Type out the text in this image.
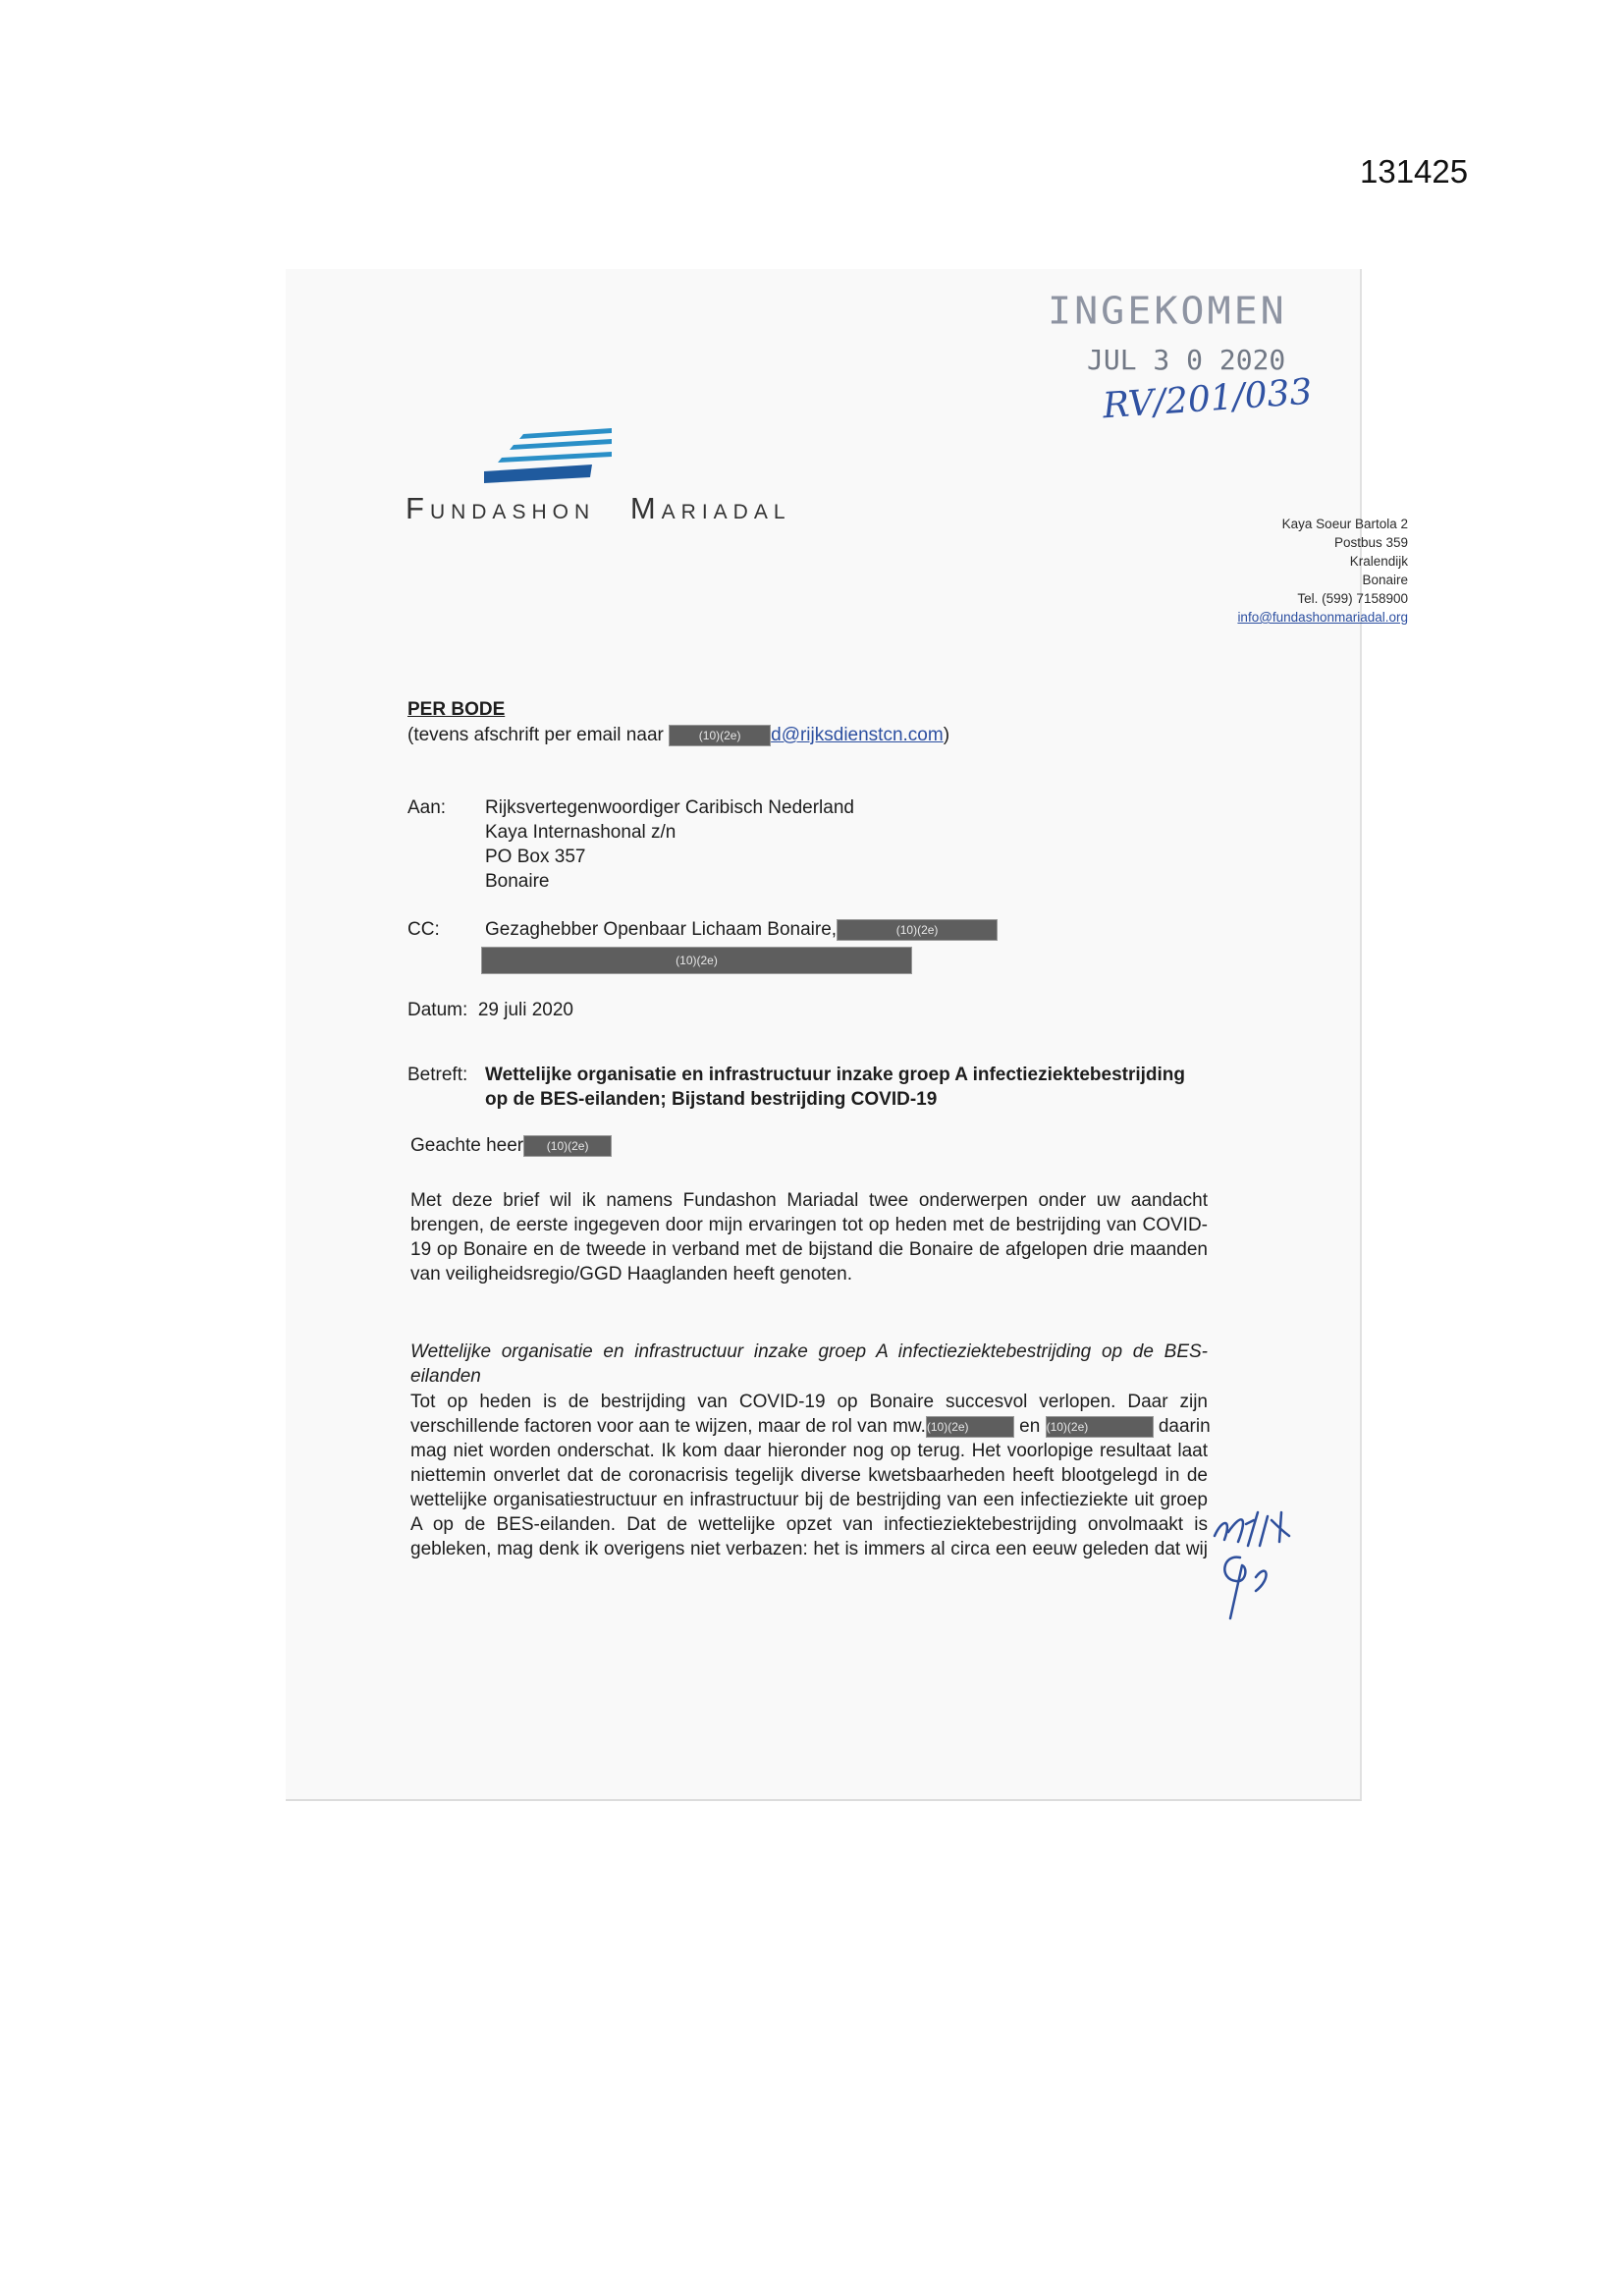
131425
INGEKOMEN
JUL 3 0 2020
RV/201/033
FUNDASHON MARIADAL
Kaya Soeur Bartola 2
Postbus 359
Kralendijk
Bonaire
Tel. (599) 7158900
info@fundashonmariadal.org
PER BODE
(tevens afschrift per email naar	(10)(2e) d@rijksdienstcn.com)
Aan: Rijksvertegenwoordiger Caribisch Nederland
Kaya Internashonal z/n
PO Box 357
Bonaire
CC: Gezaghebber Openbaar Lichaam Bonaire,	(10)(2e)
(10)(2e)
Datum: 29 juli 2020
Betreft: Wettelijke organisatie en infrastructuur inzake groep A infectieziektebestrijding
op de BES-eilanden; Bijstand bestrijding COVID-19
Geachte heer (10)(2e)
Met deze brief wil ik namens Fundashon Mariadal twee onderwerpen onder uw aandacht
brengen, de eerste ingegeven door mijn ervaringen tot op heden met de bestrijding van COVID-
19 op Bonaire en de tweede in verband met de bijstand die Bonaire de afgelopen drie maanden
van veiligheidsregio/GGD Haaglanden heeft genoten.
Wettelijke organisatie en infrastructuur inzake groep A infectieziektebestrijding op de BES-
eilanden
Tot op heden is de bestrijding van COVID-19 op Bonaire succesvol verlopen. Daar zijn
verschillende factoren voor aan te wijzen, maar de rol van mw.(10)(2e)	en (10)(2e)	daarin
mag niet worden onderschat. Ik kom daar hieronder nog op terug. Het voorlopige resultaat laat
niettemin onverlet dat de coronacrisis tegelijk diverse kwetsbaarheden heeft blootgelegd in de
wettelijke organisatiestructuur en infrastructuur bij de bestrijding van een infectieziekte uit groep
A op de BES-eilanden. Dat de wettelijke opzet van infectieziektebestrijding onvolmaakt is
gebleken, mag denk ik overigens niet verbazen: het is immers al circa een eeuw geleden dat wij
